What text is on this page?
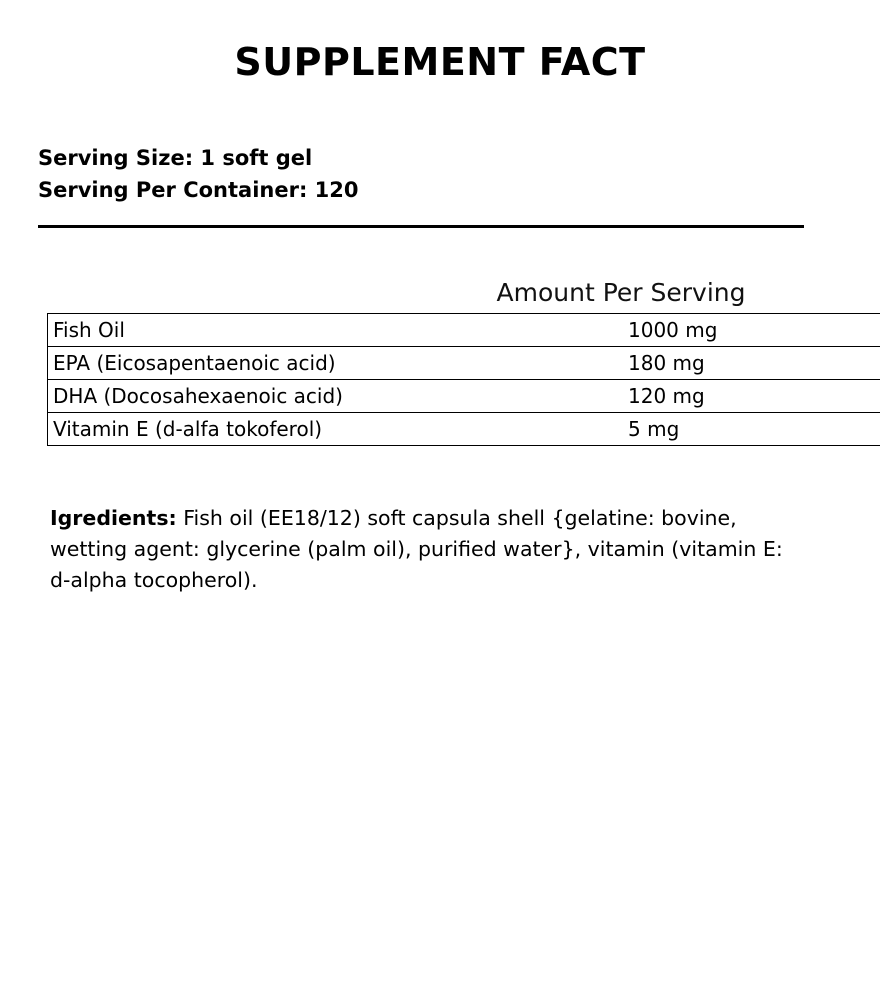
SUPPLEMENT FACT
Serving Size: 1 soft gel
Serving Per Container: 120
Amount Per Serving
Fish Oil	1000 mg
EPA (Eicosapentaenoic acid)	180 mg
DHA (Docosahexaenoic acid)	120 mg
Vitamin E (d-alfa tokoferol)	5 mg

Igredients: Fish oil (EE18/12) soft capsula shell {gelatine: bovine, wetting agent: glycerine (palm oil), purified water}, vitamin (vitamin E: d-alpha tocopherol).
